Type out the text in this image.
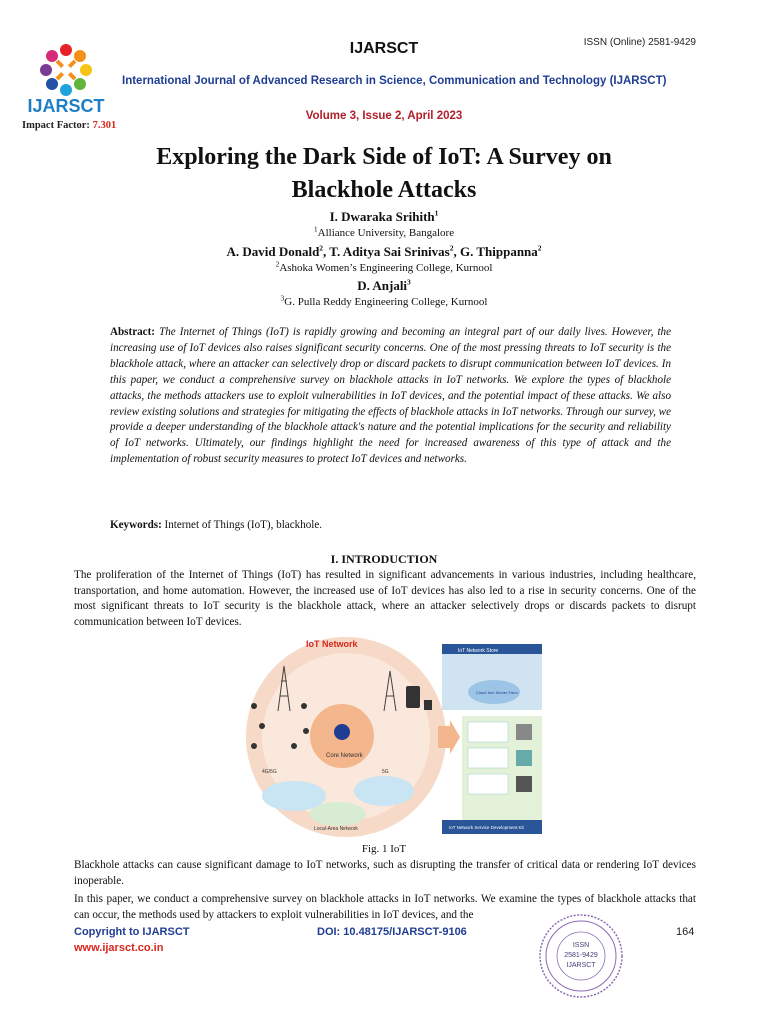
IJARSCT
IJARSCT	ISSN (Online) 2581-9429
International Journal of Advanced Research in Science, Communication and Technology (IJARSCT)
Impact Factor: 7.301
Volume 3, Issue 2, April 2023
Exploring the Dark Side of IoT: A Survey on
Blackhole Attacks
I. Dwaraka Srihith$^1$
$^1$Alliance University, Bangalore
A. David Donald$^2$, T. Aditya Sai Srinivas$^2$, G. Thippanna$^2$
$^2$Ashoka Women’s Engineering College, Kurnool
D. Anjali$^3$
$^3$G. Pulla Reddy Engineering College, Kurnool
Abstract: The Internet of Things (IoT) is rapidly growing and becoming an integral part of our daily lives. However, the increasing use of IoT devices also raises significant security concerns. One of the most pressing threats to IoT security is the blackhole attack, where an attacker can selectively drop or discard packets to disrupt communication between IoT devices. In this paper, we conduct a comprehensive survey on blackhole attacks in IoT networks. We explore the types of blackhole attacks, the methods attackers use to exploit vulnerabilities in IoT devices, and the potential impact of these attacks. We also review existing solutions and strategies for mitigating the effects of blackhole attacks in IoT networks. Through our survey, we provide a deeper understanding of the blackhole attack's nature and the potential implications for the security and reliability of IoT networks. Ultimately, our findings highlight the need for increased awareness of this type of attack and the implementation of robust security measures to protect IoT devices and networks.
Keywords: Internet of Things (IoT), blackhole.
I. INTRODUCTION
The proliferation of the Internet of Things (IoT) has resulted in significant advancements in various industries, including healthcare, transportation, and home automation. However, the increased use of IoT devices has also led to a rise in security concerns. One of the most significant threats to IoT security is the blackhole attack, where an attacker selectively drops or discards packets to disrupt communication between IoT devices.
IoT Network
Core Network
4G/5G	5G
Local-Area Network
IoT Network Store
Cloud Iron Server Farm
IoT Network Service Development Kit
Fig. 1 IoT
Blackhole attacks can cause significant damage to IoT networks, such as disrupting the transfer of critical data or rendering IoT devices inoperable.
In this paper, we conduct a comprehensive survey on blackhole attacks in IoT networks. We examine the types of blackhole attacks that can occur, the methods used by attackers to exploit vulnerabilities in IoT devices, and the
Copyright to IJARSCT
www.ijarsct.co.in
DOI: 10.48175/IJARSCT-9106	164
ISSN
2581-9429
IJARSCT
